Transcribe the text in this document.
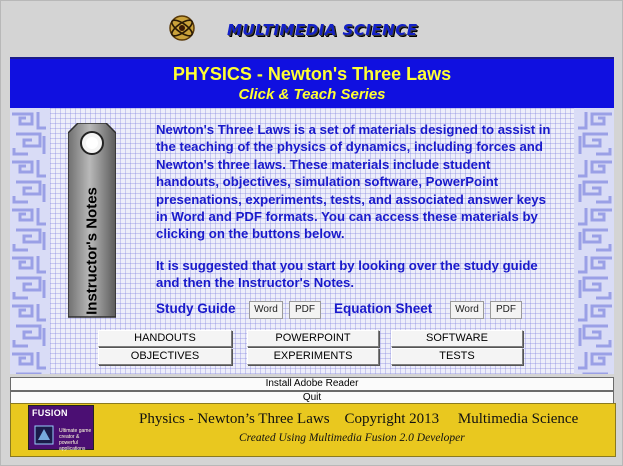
MULTIMEDIA SCIENCE
PHYSICS - Newton's Three Laws
Click & Teach Series
Instructor's Notes

Newton's Three Laws is a set of materials designed to assist in the teaching of the physics of dynamics, including forces and Newton's three laws. These materials include student handouts, objectives, simulation software, PowerPoint presenations, experiments, tests, and associated answer keys in Word and PDF formats. You can access these materials by clicking on the buttons below.

It is suggested that you start by looking over the study guide and then the Instructor's Notes.

Study Guide	Word	PDF	Equation Sheet	Word	PDF
HANDOUTS	POWERPOINT	SOFTWARE
OBJECTIVES	EXPERIMENTS	TESTS
Install Adobe Reader
Quit
FUSION
Ultimate game creator & powerful applications
Physics - Newton’s Three Laws    Copyright 2013     Multimedia Science
Created Using Multimedia Fusion 2.0 Developer
